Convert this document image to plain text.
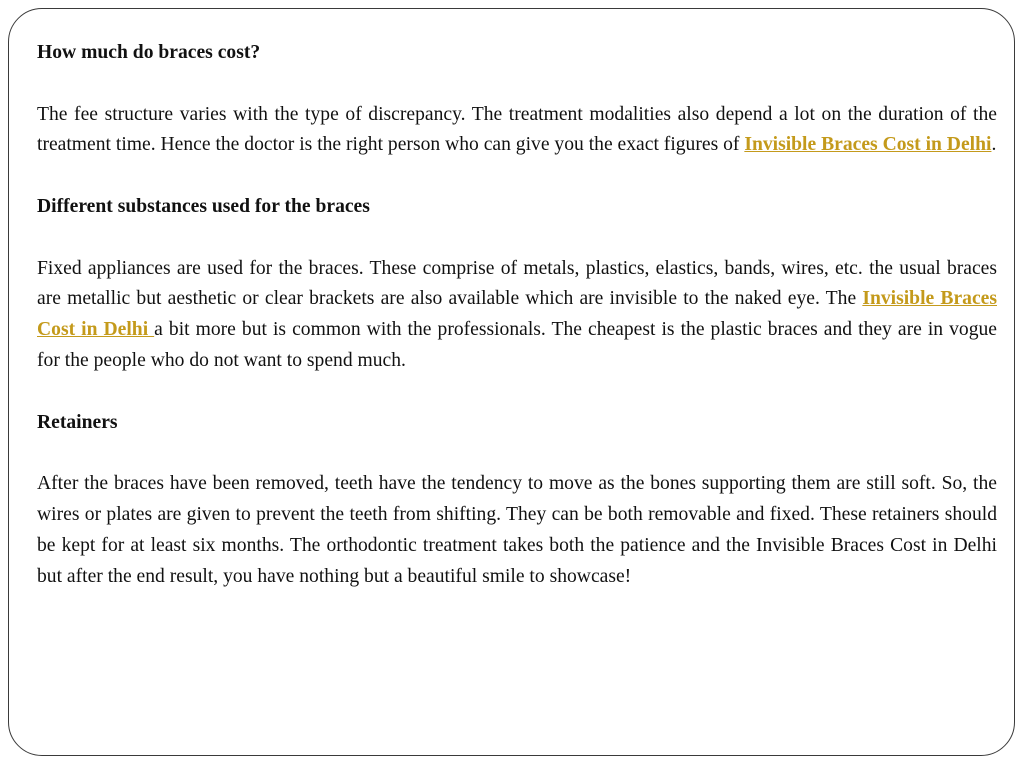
How much do braces cost?

The fee structure varies with the type of discrepancy. The treatment modalities also depend a lot on the duration of the treatment time. Hence the doctor is the right person who can give you the exact figures of Invisible Braces Cost in Delhi.

Different substances used for the braces

Fixed appliances are used for the braces. These comprise of metals, plastics, elastics, bands, wires, etc. the usual braces are metallic but aesthetic or clear brackets are also available which are invisible to the naked eye. The Invisible Braces Cost in Delhi a bit more but is common with the professionals. The cheapest is the plastic braces and they are in vogue for the people who do not want to spend much.

Retainers

After the braces have been removed, teeth have the tendency to move as the bones supporting them are still soft. So, the wires or plates are given to prevent the teeth from shifting. They can be both removable and fixed. These retainers should be kept for at least six months. The orthodontic treatment takes both the patience and the Invisible Braces Cost in Delhi but after the end result, you have nothing but a beautiful smile to showcase!
